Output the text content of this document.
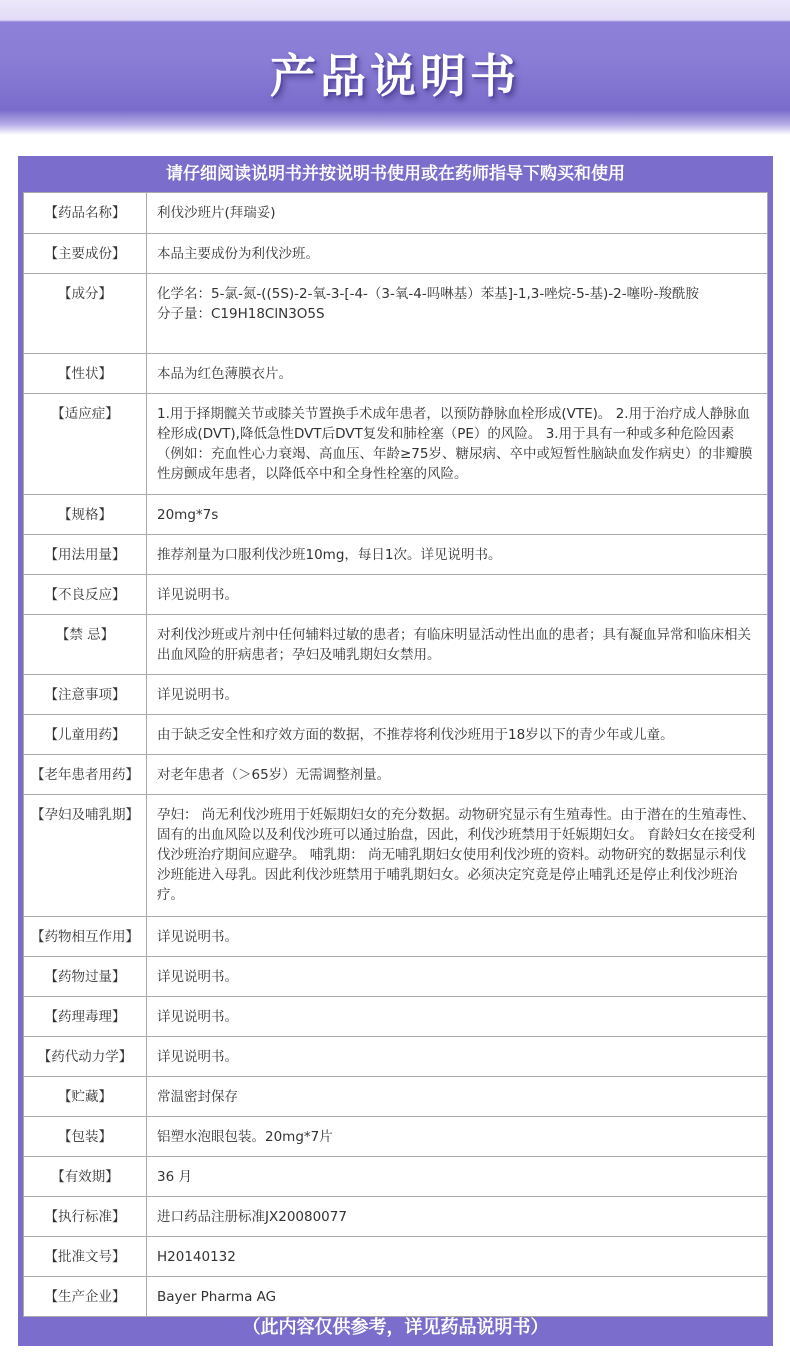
产品说明书
请仔细阅读说明书并按说明书使用或在药师指导下购买和使用
【药品名称】	利伐沙班片(拜瑞妥)
【主要成份】	本品主要成份为利伐沙班。
【成分】	化学名：5-氯-氮-((5S)-2-氧-3-[-4-（3-氧-4-吗啉基）苯基]-1,3-唑烷-5-基)-2-噻吩-羧酰胺
分子量：C19H18ClN3O5S

【性状】	本品为红色薄膜衣片。
【适应症】	1.用于择期髋关节或膝关节置换手术成年患者，以预防静脉血栓形成(VTE)。 2.用于治疗成人静脉血栓形成(DVT),降低急性DVT后DVT复发和肺栓塞（PE）的风险。 3.用于具有一种或多种危险因素（例如：充血性心力衰竭、高血压、年龄≥75岁、糖尿病、卒中或短暂性脑缺血发作病史）的非瓣膜性房颤成年患者，以降低卒中和全身性栓塞的风险。
【规格】	20mg*7s
【用法用量】	推荐剂量为口服利伐沙班10mg，每日1次。详见说明书。
【不良反应】	详见说明书。
【禁 忌】	对利伐沙班或片剂中任何辅料过敏的患者；有临床明显活动性出血的患者；具有凝血异常和临床相关出血风险的肝病患者；孕妇及哺乳期妇女禁用。
【注意事项】	详见说明书。
【儿童用药】	由于缺乏安全性和疗效方面的数据，不推荐将利伐沙班用于18岁以下的青少年或儿童。
【老年患者用药】	对老年患者（＞65岁）无需调整剂量。
【孕妇及哺乳期】	孕妇： 尚无利伐沙班用于妊娠期妇女的充分数据。动物研究显示有生殖毒性。由于潜在的生殖毒性、固有的出血风险以及利伐沙班可以通过胎盘，因此，利伐沙班禁用于妊娠期妇女。 育龄妇女在接受利伐沙班治疗期间应避孕。 哺乳期： 尚无哺乳期妇女使用利伐沙班的资料。动物研究的数据显示利伐沙班能进入母乳。因此利伐沙班禁用于哺乳期妇女。必须决定究竟是停止哺乳还是停止利伐沙班治疗。
【药物相互作用】	详见说明书。
【药物过量】	详见说明书。
【药理毒理】	详见说明书。
【药代动力学】	详见说明书。
【贮藏】	常温密封保存
【包装】	铝塑水泡眼包装。20mg*7片
【有效期】	36 月
【执行标准】	进口药品注册标准JX20080077
【批准文号】	H20140132
【生产企业】	Bayer Pharma AG
（此内容仅供参考，详见药品说明书）
